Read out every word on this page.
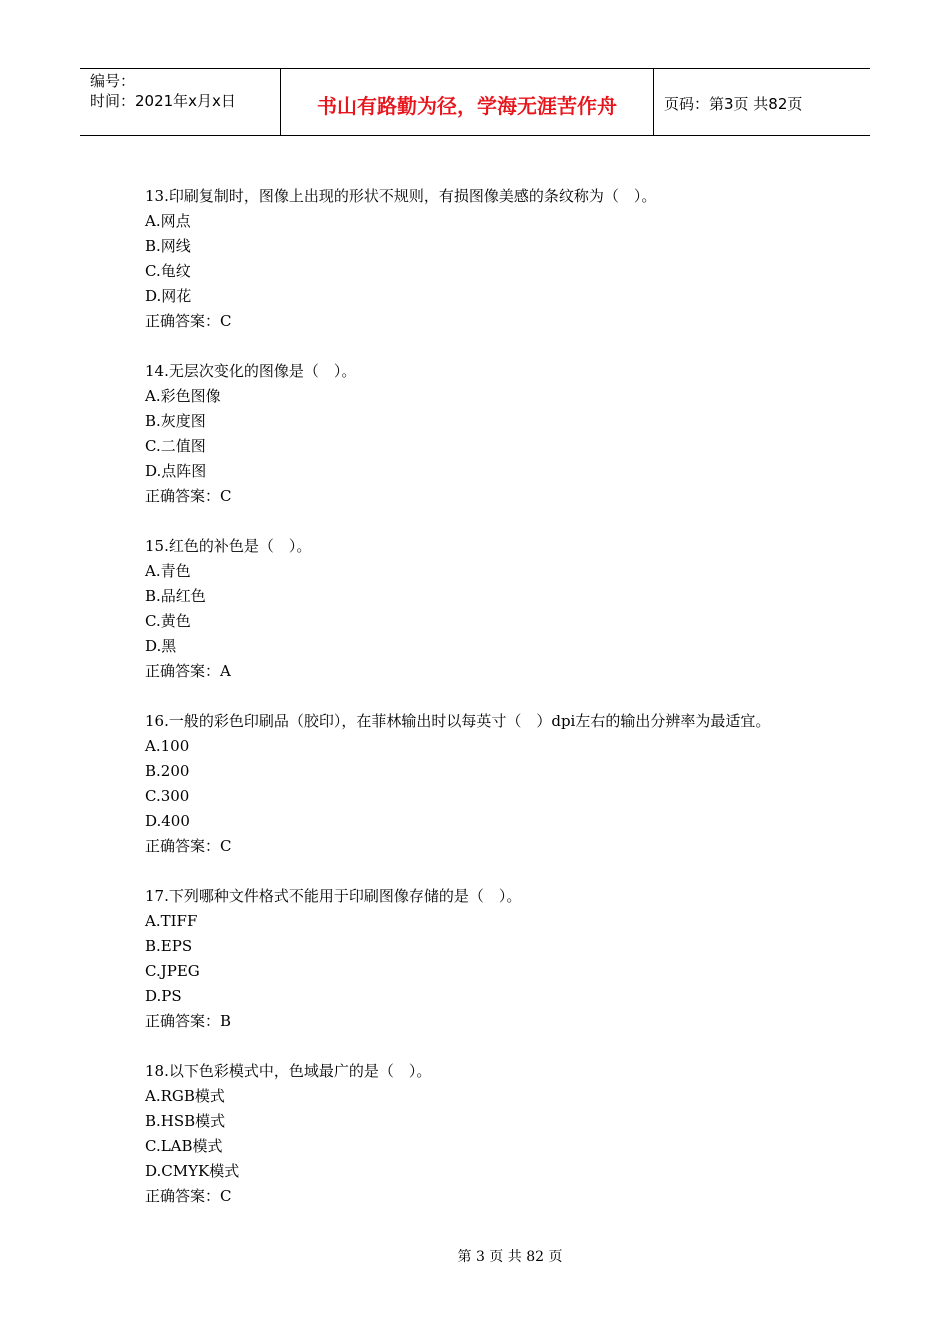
编号：
时间：2021年x月x日	书山有路勤为径，学海无涯苦作舟	页码：第3页 共82页

13.印刷复制时，图像上出现的形状不规则，有损图像美感的条纹称为（　）。

A.网点

B.网线

C.龟纹

D.网花

正确答案：C

14.无层次变化的图像是（　）。

A.彩色图像

B.灰度图

C.二值图

D.点阵图

正确答案：C

15.红色的补色是（　）。

A.青色

B.品红色

C.黄色

D.黑

正确答案：A

16.一般的彩色印刷品（胶印），在菲林输出时以每英寸（　）dpi左右的输出分辨率为最适宜。

A.100

B.200

C.300

D.400

正确答案：C

17.下列哪种文件格式不能用于印刷图像存储的是（　）。

A.TIFF

B.EPS

C.JPEG

D.PS

正确答案：B

18.以下色彩模式中，色域最广的是（　）。

A.RGB模式

B.HSB模式

C.LAB模式

D.CMYK模式

正确答案：C

第 3 页 共 82 页
